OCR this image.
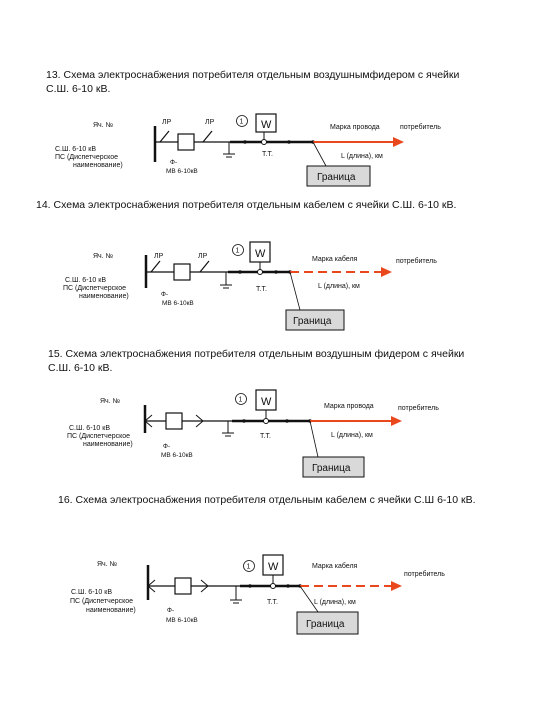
13. Схема электроснабжения потребителя отдельным воздушнымфидером с ячейки
С.Ш. 6-10 кВ.
Яч. №
С.Ш. 6-10 кВ
ПС (Диспетчерское
наименование)
ЛР	ЛР
Ф-
МВ 6-10кВ
1 W
Т.Т.
Марка провода	потребитель
L (длина), км
Граница
14. Схема электроснабжения потребителя отдельным кабелем с ячейки С.Ш. 6-10 кВ.
Яч. №
С.Ш. 6-10 кВ
ПС (Диспетчерское
наименование)
ЛР	ЛР
Ф-
МВ 6-10кВ
1 W	Марка кабеля	потребитель
Т.Т.	L (длина), км
Граница
15. Схема электроснабжения потребителя отдельным воздушным фидером с ячейки
С.Ш. 6-10 кВ.
Яч. №
С.Ш. 6-10 кВ
ПС (Диспетчерское
наименование)	Ф-
МВ 6-10кВ
1 W	Марка провода	потребитель
Т.Т.	L (длина), км
Граница
16. Схема электроснабжения потребителя отдельным кабелем с ячейки С.Ш 6-10 кВ.
Яч. №
С.Ш. 6-10 кВ
ПС (Диспетчерское
наименование)	Ф-
МВ 6-10кВ
1 W	Марка кабеля
потребитель
Т.Т.	L (длина), км
Граница
